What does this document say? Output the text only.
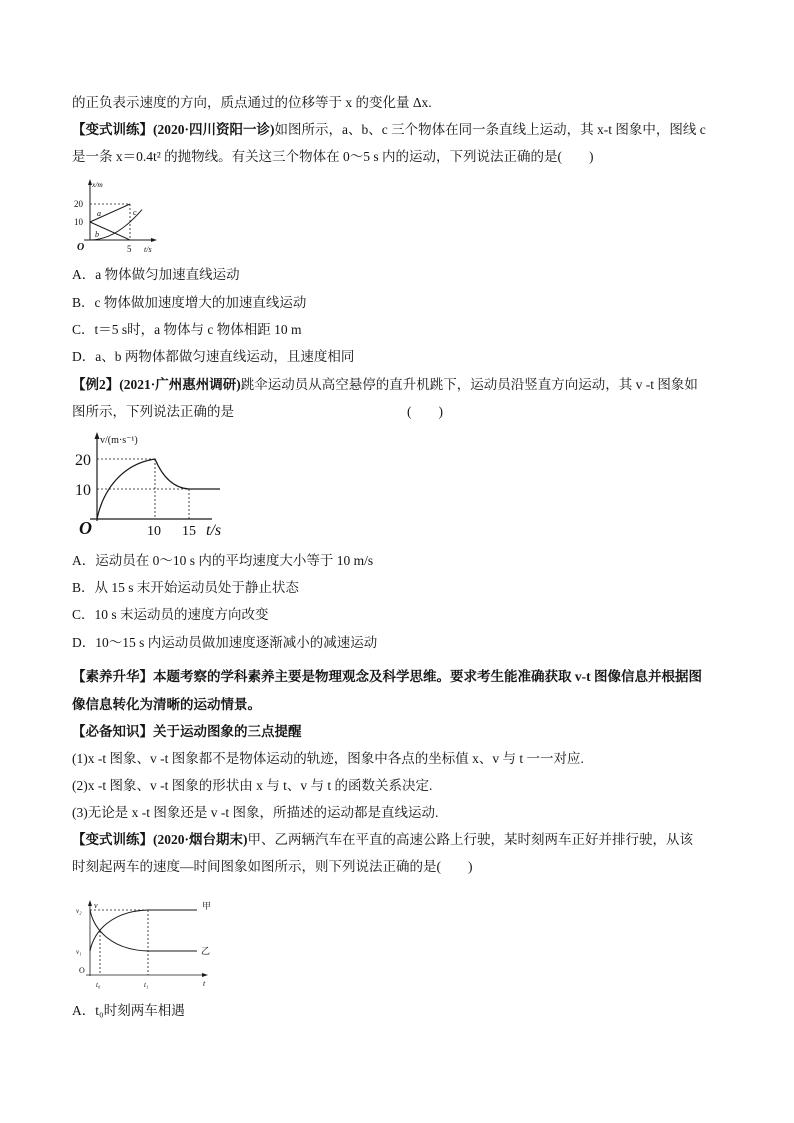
的正负表示速度的方向，质点通过的位移等于 x 的变化量 Δx.
【变式训练】(2020·四川资阳一诊)如图所示，a、b、c 三个物体在同一条直线上运动，其 x-t 图象中，图线 c
是一条 x＝0.4t² 的抛物线。有关这三个物体在 0～5 s 内的运动，下列说法正确的是(　　)
x/m
20
10
O	5 t/s
a
b
c
A．a 物体做匀加速直线运动
B．c 物体做加速度增大的加速直线运动
C．t＝5 s时，a 物体与 c 物体相距 10 m
D．a、b 两物体都做匀速直线运动，且速度相同
【例2】(2021·广州惠州调研)跳伞运动员从高空悬停的直升机跳下，运动员沿竖直方向运动，其 v -t 图象如
图所示，下列说法正确的是	(　　)
v/(m·s⁻¹)
20
10
O	10 15 t/s
A．运动员在 0～10 s 内的平均速度大小等于 10 m/s
B．从 15 s 末开始运动员处于静止状态
C．10 s 末运动员的速度方向改变
D．10～15 s 内运动员做加速度逐渐减小的减速运动
【素养升华】本题考察的学科素养主要是物理观念及科学思维。要求考生能准确获取 v-t 图像信息并根据图
像信息转化为清晰的运动情景。
【必备知识】关于运动图象的三点提醒
(1)x -t 图象、v -t 图象都不是物体运动的轨迹，图象中各点的坐标值 x、v 与 t 一一对应.
(2)x -t 图象、v -t 图象的形状由 x 与 t、v 与 t 的函数关系决定.
(3)无论是 x -t 图象还是 v -t 图象，所描述的运动都是直线运动.
【变式训练】(2020·烟台期末)甲、乙两辆汽车在平直的高速公路上行驶，某时刻两车正好并排行驶，从该
时刻起两车的速度—时间图象如图所示，则下列说法正确的是(　　)
v
v₂
v₁
O
t₀	t₁	t
甲
乙
A．t₀时刻两车相遇
